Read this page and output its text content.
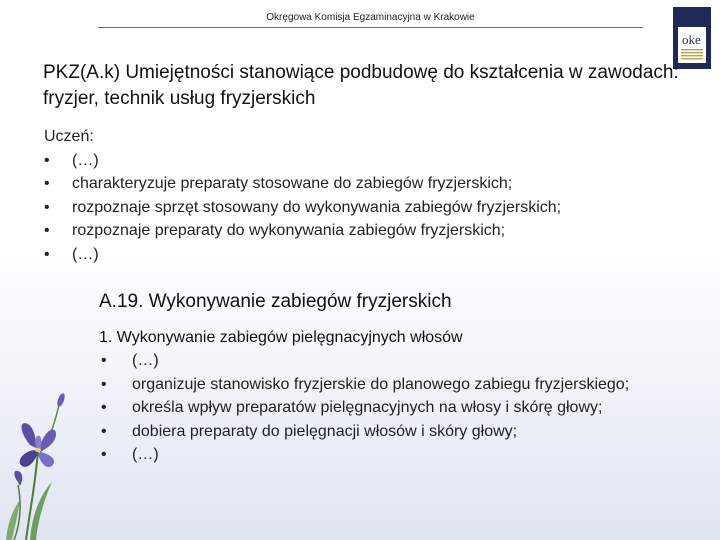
Okręgowa Komisja Egzaminacyjna w Krakowie
oke
PKZ(A.k) Umiejętności stanowiące podbudowę do kształcenia w zawodach: fryzjer, technik usług fryzjerskich
Uczeń:
•	(…)
•	charakteryzuje preparaty stosowane do zabiegów fryzjerskich;
•	rozpoznaje sprzęt stosowany do wykonywania zabiegów fryzjerskich;
•	rozpoznaje preparaty do wykonywania zabiegów fryzjerskich;
•	(…)
A.19. Wykonywanie zabiegów fryzjerskich
1. Wykonywanie zabiegów pielęgnacyjnych włosów
•	(…)
•	organizuje stanowisko fryzjerskie do planowego zabiegu fryzjerskiego;
•	określa wpływ preparatów pielęgnacyjnych na włosy i skórę głowy;
•	dobiera preparaty do pielęgnacji włosów i skóry głowy;
•	(…)
